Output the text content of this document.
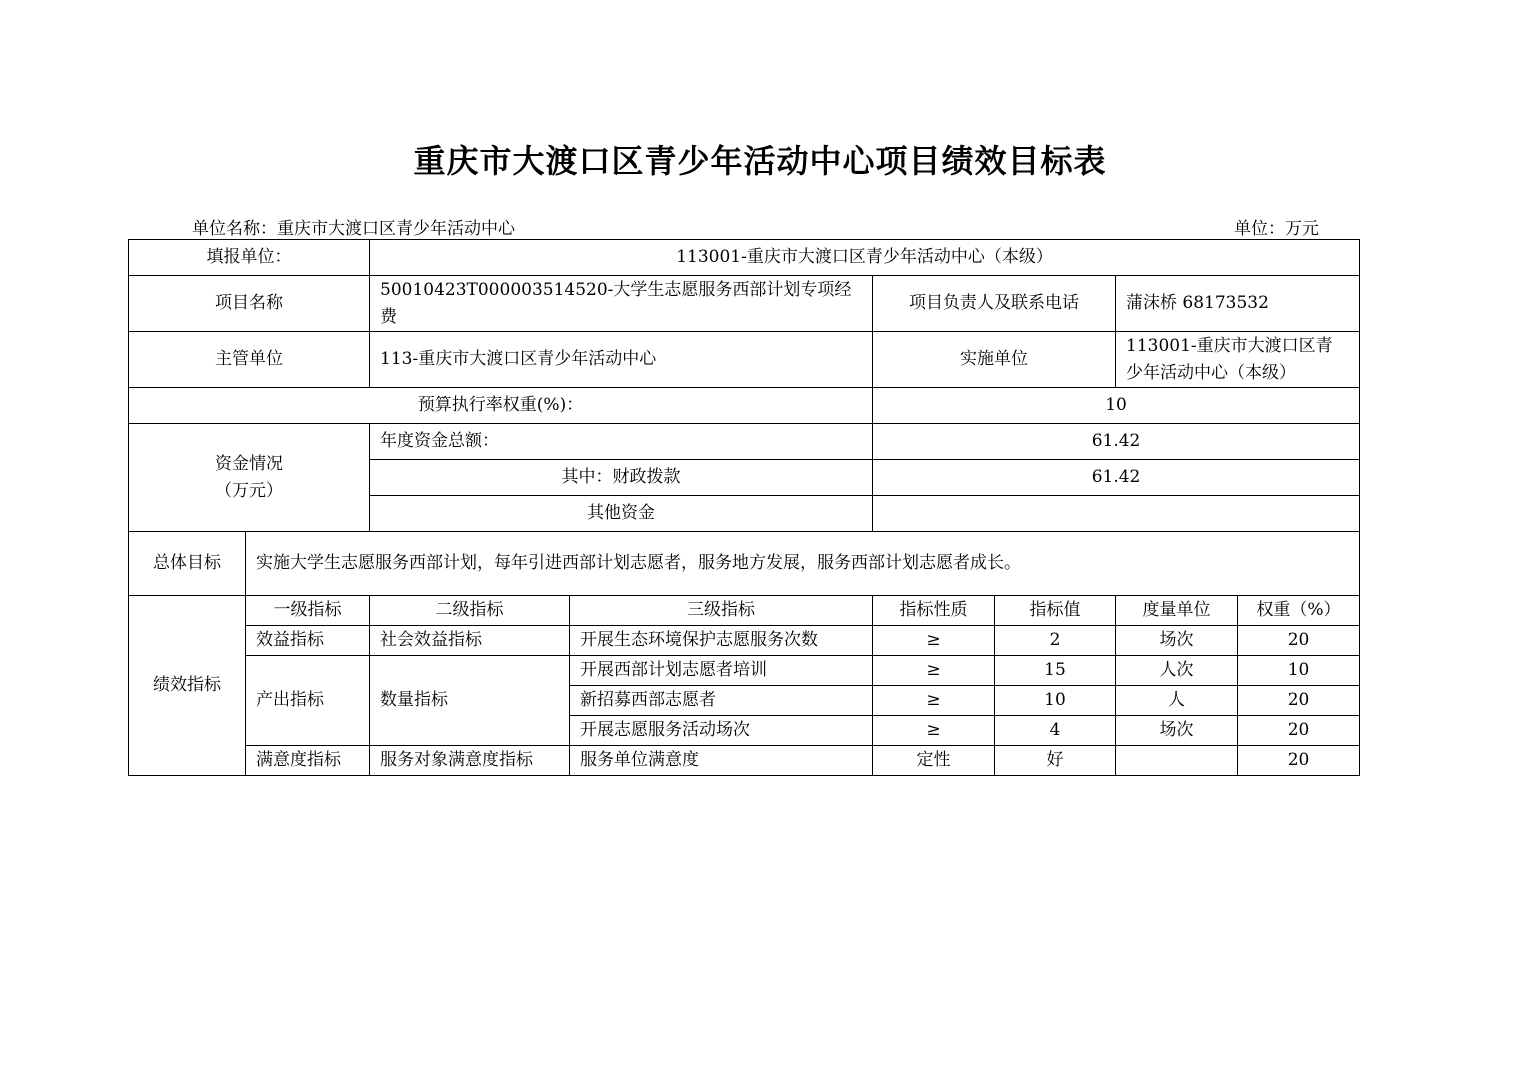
重庆市大渡口区青少年活动中心项目绩效目标表
单位名称：重庆市大渡口区青少年活动中心	单位：万元
填报单位：		113001-重庆市大渡口区青少年活动中心（本级）					
项目名称		50010423T000003514520-大学生志愿服务西部计划专项经费		项目负责人及联系电话		蒲沫桥 68173532	
主管单位		113-重庆市大渡口区青少年活动中心		实施单位		113001-重庆市大渡口区青少年活动中心（本级）	
预算执行率权重(%)：				10			

资金情况
（万元）		年度资金总额：		61.42			
		其中：财政拨款		61.42			
		其他资金					
总体目标	实施大学生志愿服务西部计划，每年引进西部计划志愿者，服务地方发展，服务西部计划志愿者成长。						
绩效指标	一级指标	二级指标	三级指标	指标性质	指标值	度量单位	权重（%）
	效益指标	社会效益指标	开展生态环境保护志愿服务次数	≥	2	场次	20
	产出指标	数量指标	开展西部计划志愿者培训	≥	15	人次	10
			新招募西部志愿者	≥	10	人	20
			开展志愿服务活动场次	≥	4	场次	20
	满意度指标	服务对象满意度指标	服务单位满意度	定性	好		20
